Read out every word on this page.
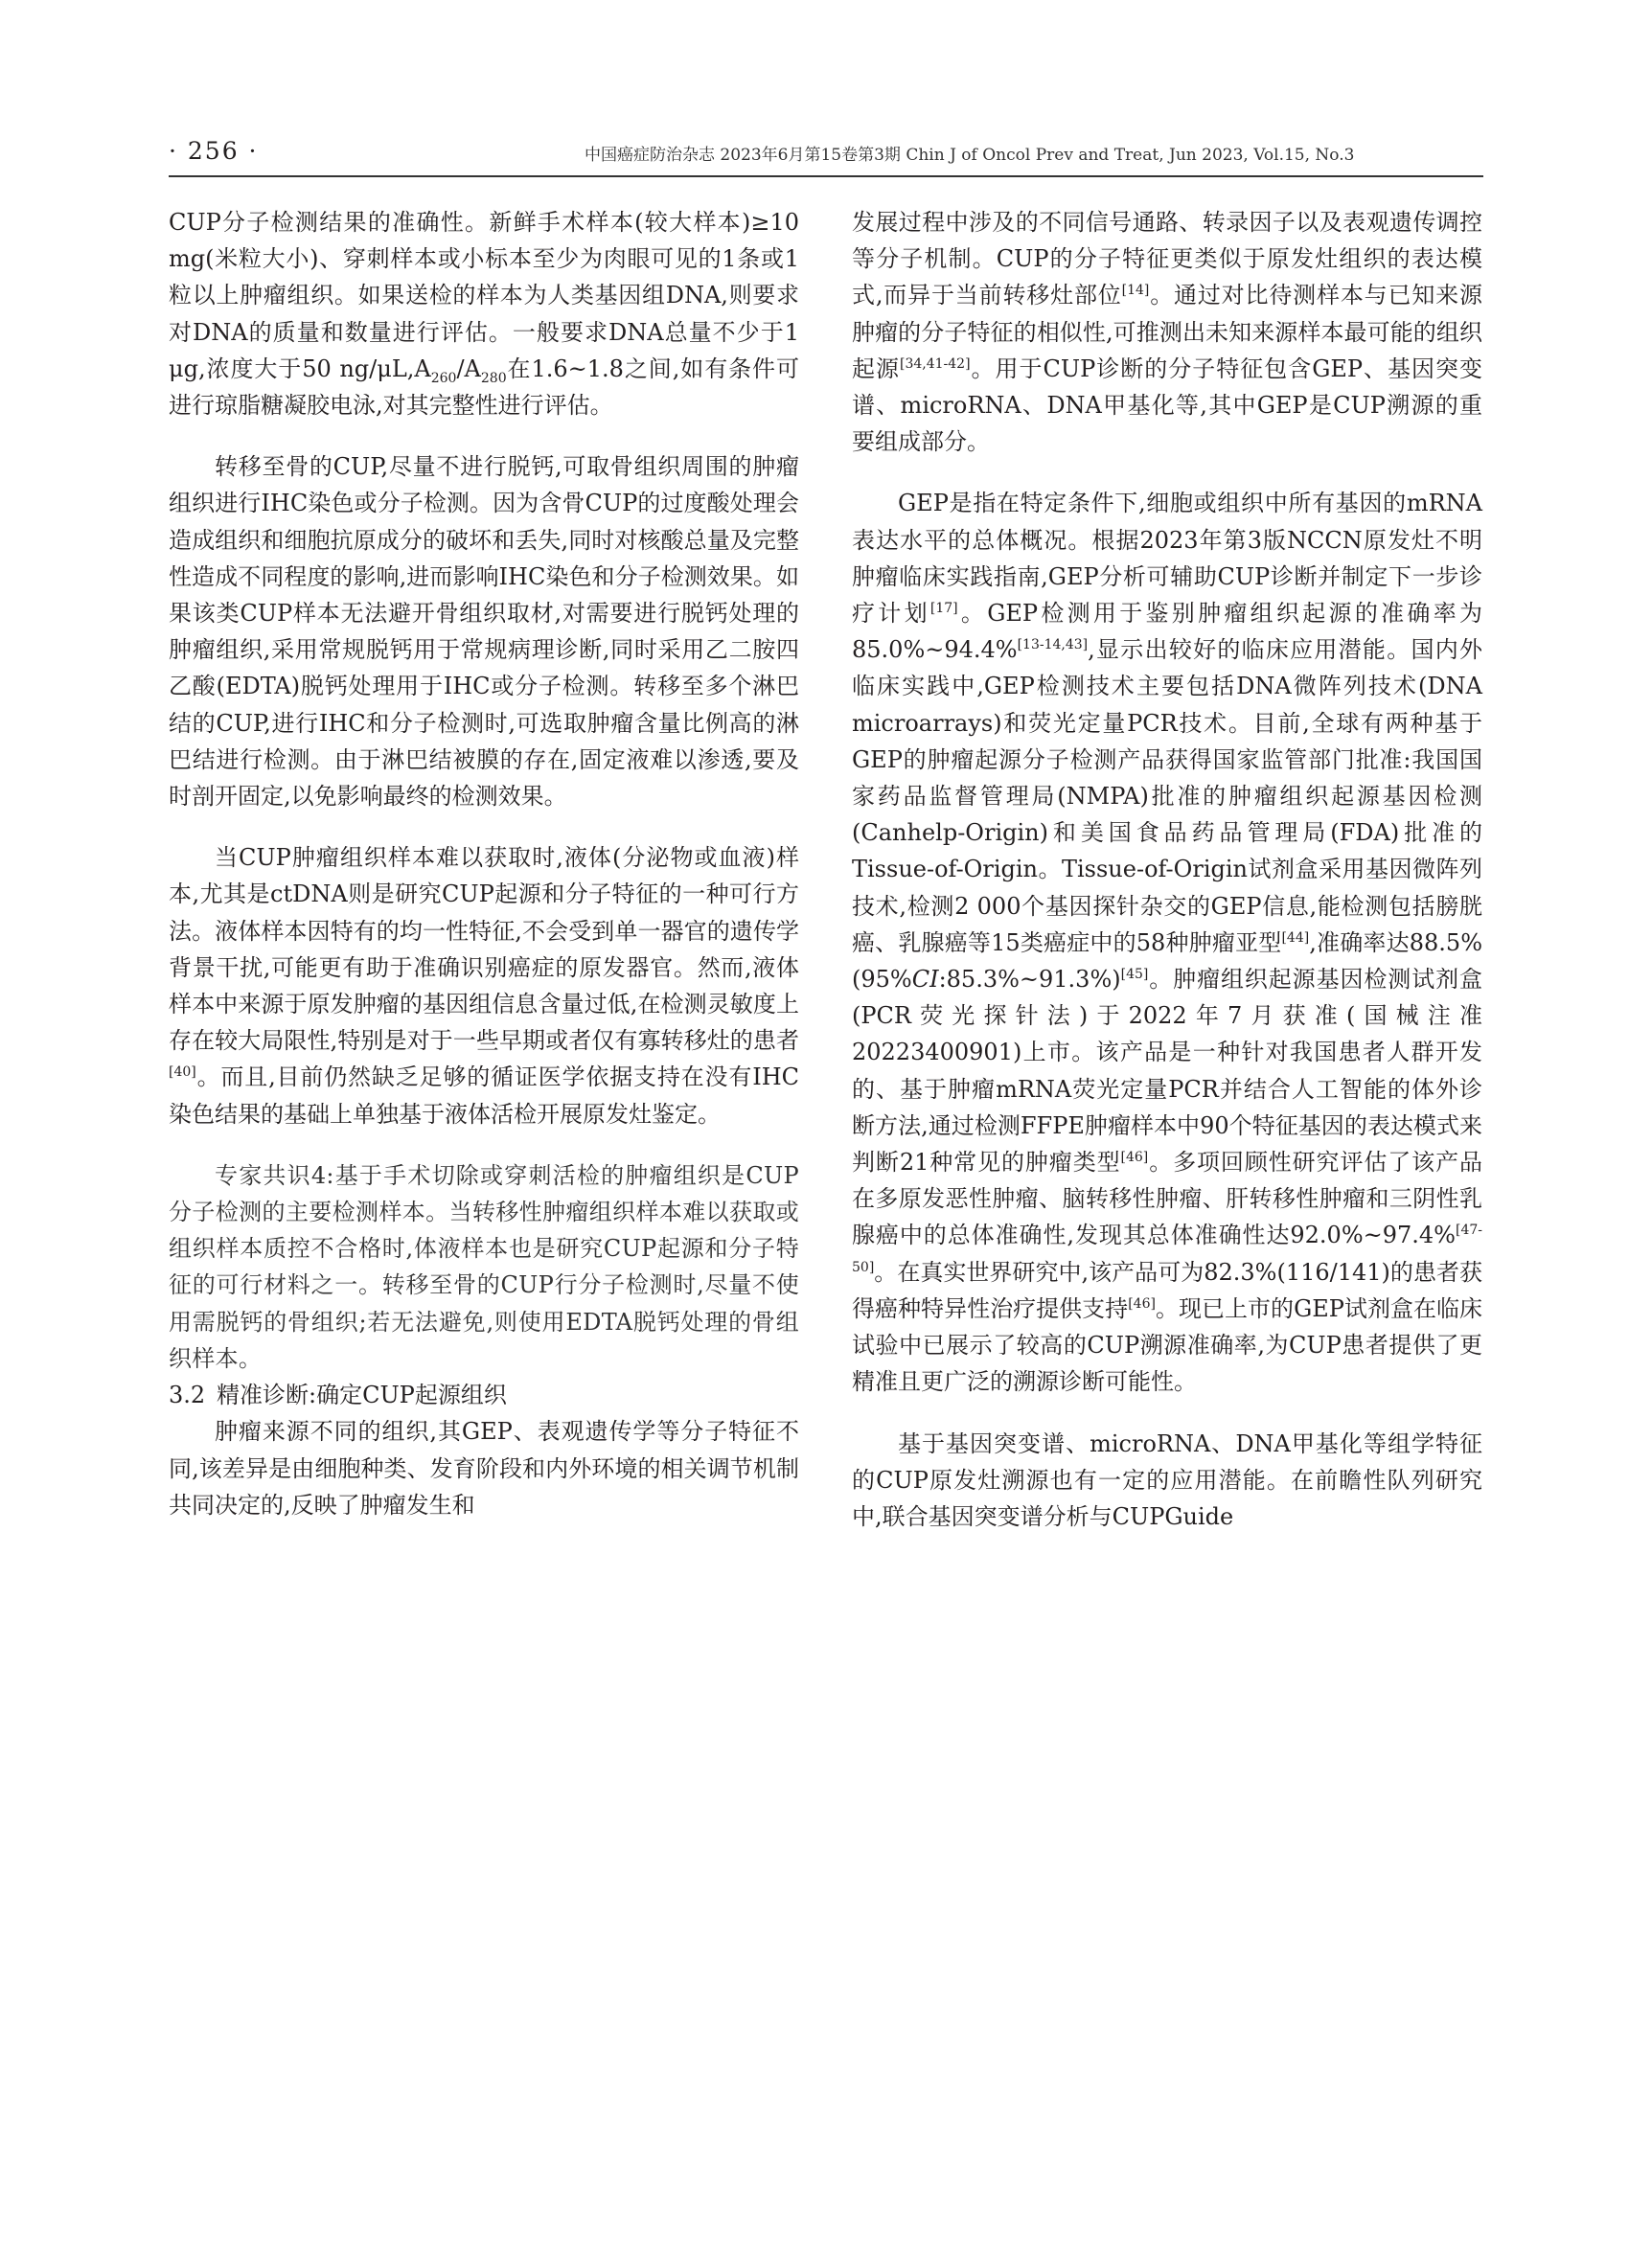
· 256 ·	中国癌症防治杂志 2023年6月第15卷第3期 Chin J of Oncol Prev and Treat, Jun 2023, Vol.15, No.3

CUP分子检测结果的准确性。新鲜手术样本(较大样本)≥10 mg(米粒大小)、穿刺样本或小标本至少为肉眼可见的1条或1粒以上肿瘤组织。如果送检的样本为人类基因组DNA,则要求对DNA的质量和数量进行评估。一般要求DNA总量不少于1 μg,浓度大于50 $ng/\mu L,A_{260}/A_{280}$在1.6~1.8之间,如有条件可进行琼脂糖凝胶电泳,对其完整性进行评估。

转移至骨的CUP,尽量不进行脱钙,可取骨组织周围的肿瘤组织进行IHC染色或分子检测。因为含骨CUP的过度酸处理会造成组织和细胞抗原成分的破坏和丢失,同时对核酸总量及完整性造成不同程度的影响,进而影响IHC染色和分子检测效果。如果该类CUP样本无法避开骨组织取材,对需要进行脱钙处理的肿瘤组织,采用常规脱钙用于常规病理诊断,同时采用乙二胺四乙酸(EDTA)脱钙处理用于IHC或分子检测。转移至多个淋巴结的CUP,进行IHC和分子检测时,可选取肿瘤含量比例高的淋巴结进行检测。由于淋巴结被膜的存在,固定液难以渗透,要及时剖开固定,以免影响最终的检测效果。

当CUP肿瘤组织样本难以获取时,液体(分泌物或血液)样本,尤其是ctDNA则是研究CUP起源和分子特征的一种可行方法。液体样本因特有的均一性特征,不会受到单一器官的遗传学背景干扰,可能更有助于准确识别癌症的原发器官。然而,液体样本中来源于原发肿瘤的基因组信息含量过低,在检测灵敏度上存在较大局限性,特别是对于一些早期或者仅有寡转移灶的患者[40]。而且,目前仍然缺乏足够的循证医学依据支持在没有IHC染色结果的基础上单独基于液体活检开展原发灶鉴定。

专家共识4:基于手术切除或穿刺活检的肿瘤组织是CUP分子检测的主要检测样本。当转移性肿瘤组织样本难以获取或组织样本质控不合格时,体液样本也是研究CUP起源和分子特征的可行材料之一。转移至骨的CUP行分子检测时,尽量不使用需脱钙的骨组织;若无法避免,则使用EDTA脱钙处理的骨组织样本。

3.2 精准诊断:确定CUP起源组织

肿瘤来源不同的组织,其GEP、表观遗传学等分子特征不同,该差异是由细胞种类、发育阶段和内外环境的相关调节机制共同决定的,反映了肿瘤发生和

发展过程中涉及的不同信号通路、转录因子以及表观遗传调控等分子机制。CUP的分子特征更类似于原发灶组织的表达模式,而异于当前转移灶部位[14]。通过对比待测样本与已知来源肿瘤的分子特征的相似性,可推测出未知来源样本最可能的组织起源[34,41-42]。用于CUP诊断的分子特征包含GEP、基因突变谱、microRNA、DNA甲基化等,其中GEP是CUP溯源的重要组成部分。

GEP是指在特定条件下,细胞或组织中所有基因的mRNA表达水平的总体概况。根据2023年第3版NCCN原发灶不明肿瘤临床实践指南,GEP分析可辅助CUP诊断并制定下一步诊疗计划[17]。GEP检测用于鉴别肿瘤组织起源的准确率为85.0%~94.4%[13-14,43],显示出较好的临床应用潜能。国内外临床实践中,GEP检测技术主要包括DNA微阵列技术(DNA microarrays)和荧光定量PCR技术。目前,全球有两种基于GEP的肿瘤起源分子检测产品获得国家监管部门批准:我国国家药品监督管理局(NMPA)批准的肿瘤组织起源基因检测(Canhelp-Origin)和美国食品药品管理局(FDA)批准的Tissue-of-Origin。Tissue-of-Origin试剂盒采用基因微阵列技术,检测2 000个基因探针杂交的GEP信息,能检测包括膀胱癌、乳腺癌等15类癌症中的58种肿瘤亚型[44],准确率达88.5%(95%CI:85.3%~91.3%)[45]。肿瘤组织起源基因检测试剂盒(PCR荧光探针法)于2022年7月获准(国械注准20223400901)上市。该产品是一种针对我国患者人群开发的、基于肿瘤mRNA荧光定量PCR并结合人工智能的体外诊断方法,通过检测FFPE肿瘤样本中90个特征基因的表达模式来判断21种常见的肿瘤类型[46]。多项回顾性研究评估了该产品在多原发恶性肿瘤、脑转移性肿瘤、肝转移性肿瘤和三阴性乳腺癌中的总体准确性,发现其总体准确性达92.0%~97.4%[47-50]。在真实世界研究中,该产品可为82.3%(116/141)的患者获得癌种特异性治疗提供支持[46]。现已上市的GEP试剂盒在临床试验中已展示了较高的CUP溯源准确率,为CUP患者提供了更精准且更广泛的溯源诊断可能性。

基于基因突变谱、microRNA、DNA甲基化等组学特征的CUP原发灶溯源也有一定的应用潜能。在前瞻性队列研究中,联合基因突变谱分析与CUPGuide
